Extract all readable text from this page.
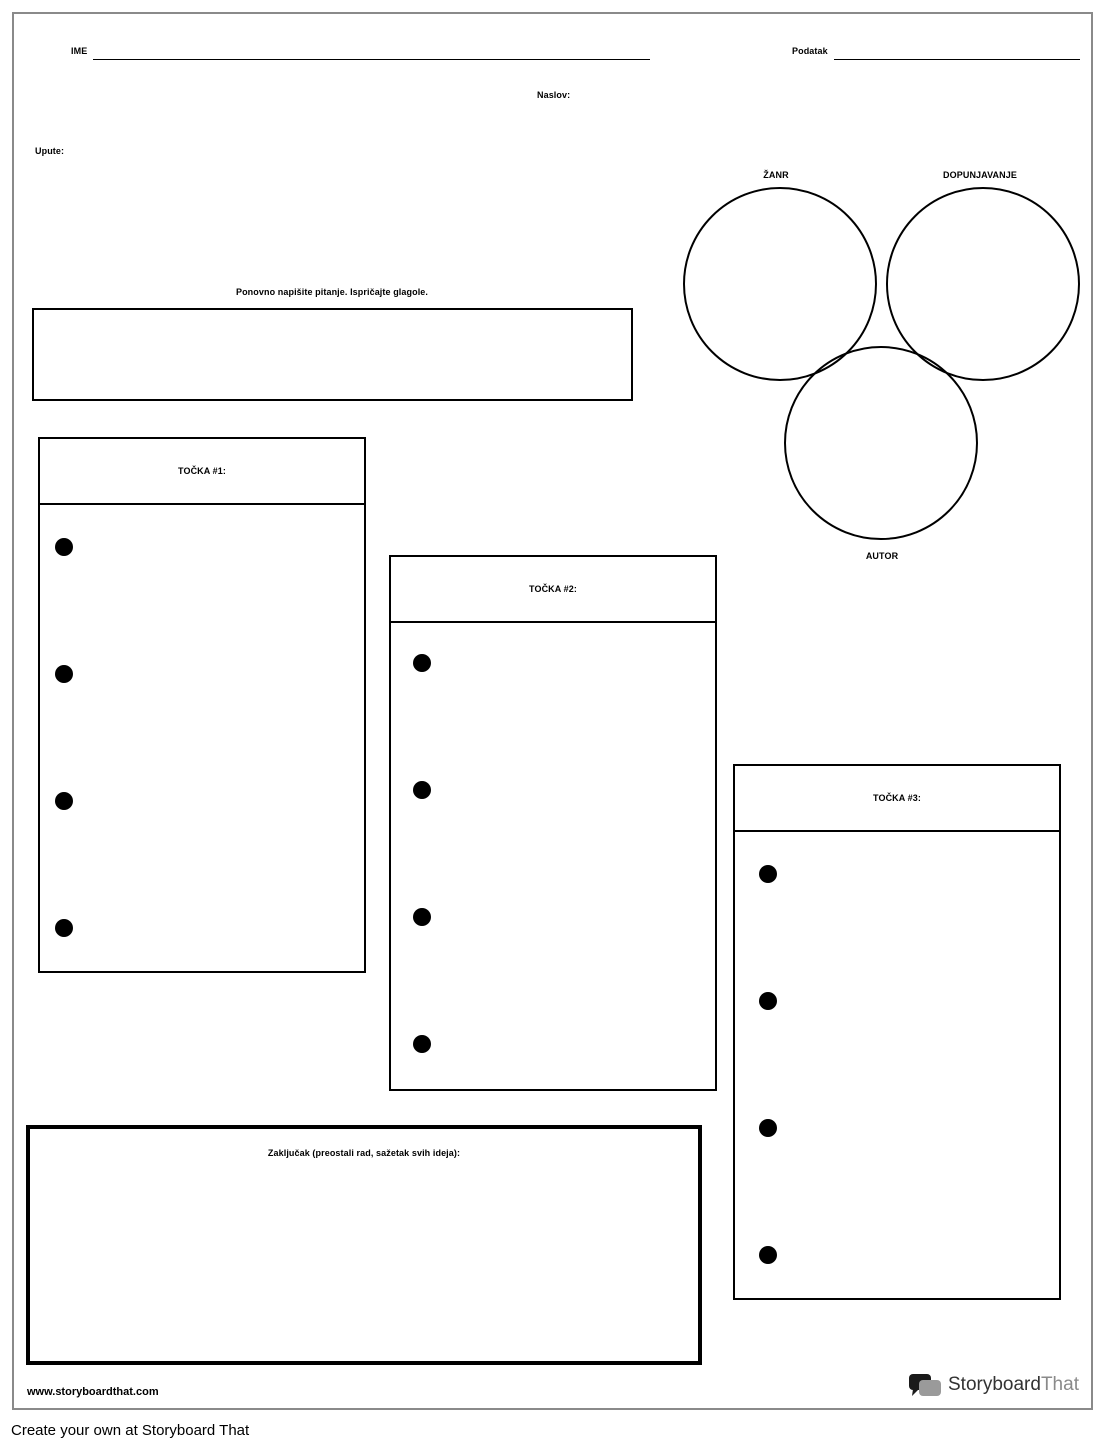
IME	Podatak
Naslov:
Upute:
Ponovno napišite pitanje. Ispričajte glagole.
ŽANR	DOPUNJAVANJE
AUTOR
TOČKA #1:
TOČKA #2:
TOČKA #3:
Zaključak (preostali rad, sažetak svih ideja):
www.storyboardthat.com	StoryboardThat
Create your own at Storyboard That
